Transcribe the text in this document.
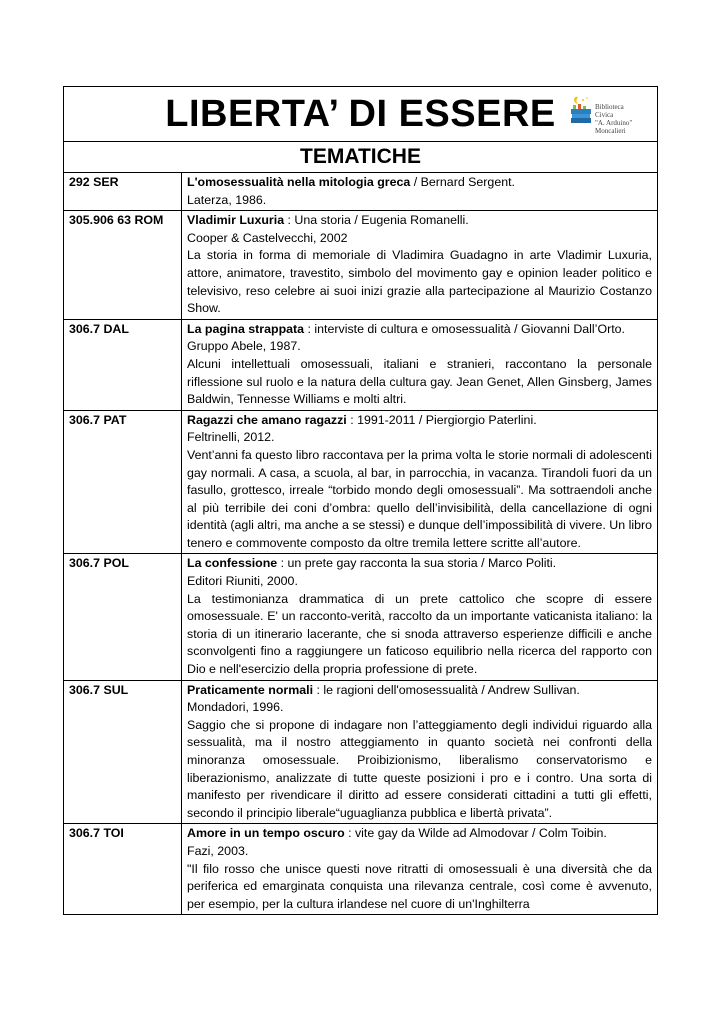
LIBERTA’ DI ESSERE	Biblioteca Civica
"A. Arduino"
Moncalieri
TEMATICHE
292 SER	L'omosessualità nella mitologia greca / Bernard Sergent.
Laterza, 1986.
305.906 63 ROM	Vladimir Luxuria : Una storia / Eugenia Romanelli.
Cooper & Castelvecchi, 2002
La storia in forma di memoriale di Vladimira Guadagno in arte Vladimir Luxuria, attore, animatore, travestito, simbolo del movimento gay e opinion leader politico e televisivo, reso celebre ai suoi inizi grazie alla partecipazione al Maurizio Costanzo Show.
306.7 DAL	La pagina strappata : interviste di cultura e omosessualità / Giovanni Dall’Orto.
Gruppo Abele, 1987.
Alcuni intellettuali omosessuali, italiani e stranieri, raccontano la personale riflessione sul ruolo e la natura della cultura gay. Jean Genet, Allen Ginsberg, James Baldwin, Tennesse Williams e molti altri.
306.7 PAT	Ragazzi che amano ragazzi : 1991-2011 / Piergiorgio Paterlini.
Feltrinelli, 2012.
Vent’anni fa questo libro raccontava per la prima volta le storie normali di adolescenti gay normali. A casa, a scuola, al bar, in parrocchia, in vacanza. Tirandoli fuori da un fasullo, grottesco, irreale “torbido mondo degli omosessuali”. Ma sottraendoli anche al più terribile dei coni d’ombra: quello dell’invisibilità, della cancellazione di ogni identità (agli altri, ma anche a se stessi) e dunque dell’impossibilità di vivere. Un libro tenero e commovente composto da oltre tremila lettere scritte all’autore.
306.7 POL	La confessione : un prete gay racconta la sua storia / Marco Politi.
Editori Riuniti, 2000.
La testimonianza drammatica di un prete cattolico che scopre di essere omosessuale. E' un racconto-verità, raccolto da un importante vaticanista italiano: la storia di un itinerario lacerante, che si snoda attraverso esperienze difficili e anche sconvolgenti fino a raggiungere un faticoso equilibrio nella ricerca del rapporto con Dio e nell'esercizio della propria professione di prete.
306.7 SUL	Praticamente normali : le ragioni dell'omosessualità / Andrew Sullivan.
Mondadori, 1996.
Saggio che si propone di indagare non l’atteggiamento degli individui riguardo alla sessualità, ma il nostro atteggiamento in quanto società nei confronti della minoranza omosessuale. Proibizionismo, liberalismo conservatorismo e liberazionismo, analizzate di tutte queste posizioni i pro e i contro. Una sorta di manifesto per rivendicare il diritto ad essere considerati cittadini a tutti gli effetti, secondo il principio liberale“uguaglianza pubblica e libertà privata”.
306.7 TOI	Amore in un tempo oscuro : vite gay da Wilde ad Almodovar / Colm Toibin.
Fazi, 2003.
"Il filo rosso che unisce questi nove ritratti di omosessuali è una diversità che da periferica ed emarginata conquista una rilevanza centrale, così come è avvenuto, per esempio, per la cultura irlandese nel cuore di un'Inghilterra
